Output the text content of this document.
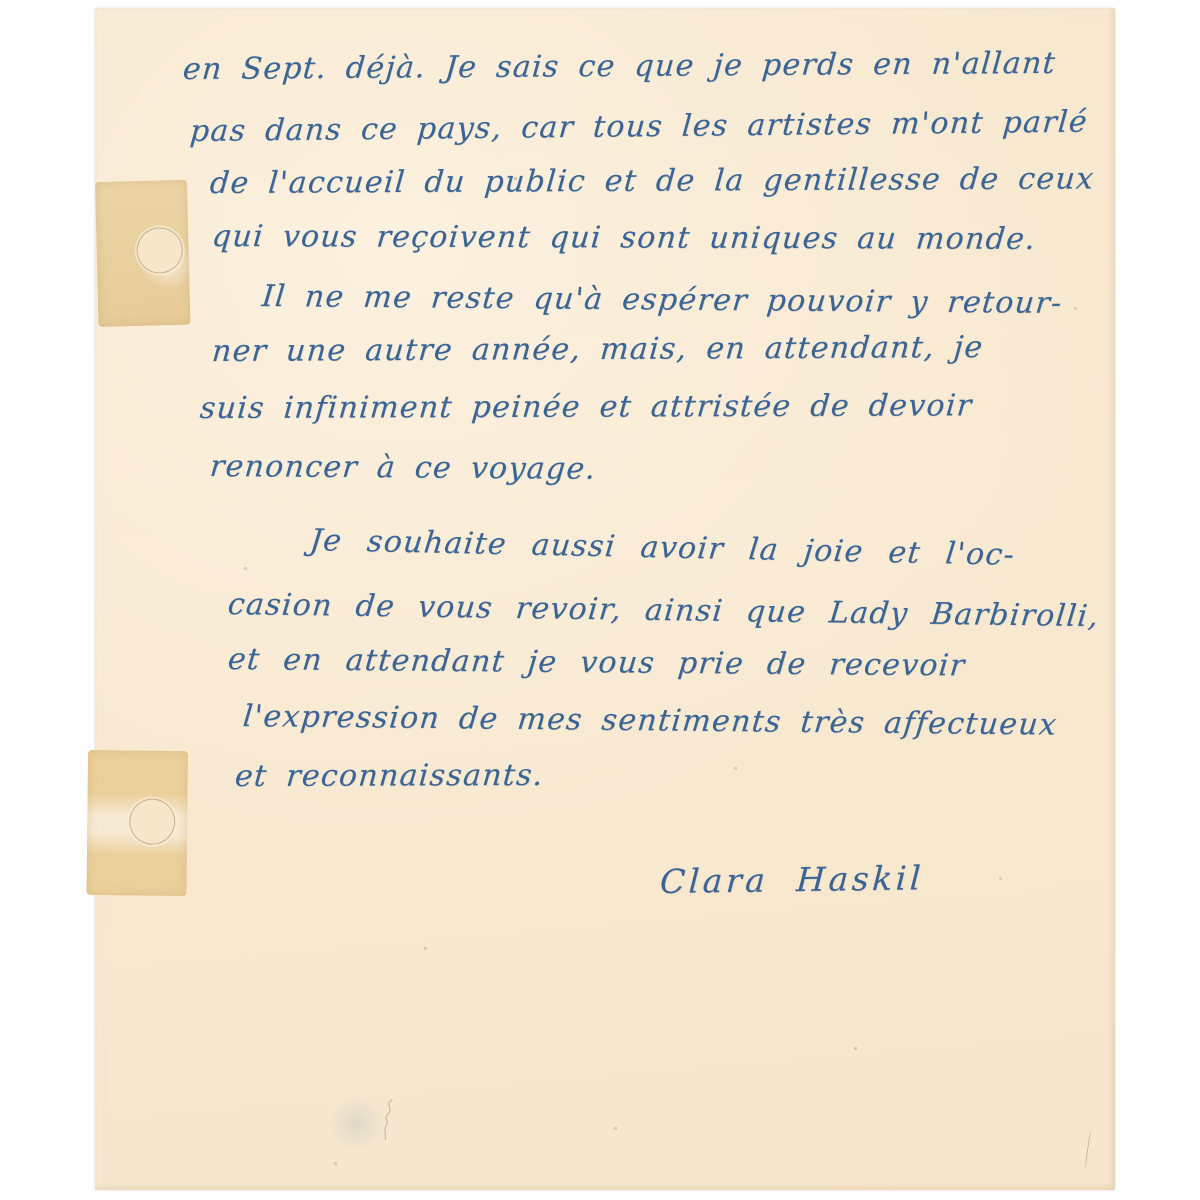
en Sept. déjà. Je sais ce que je perds en n'allant
pas dans ce pays, car tous les artistes m'ont parlé
de l'accueil du public et de la gentillesse de ceux
qui vous reçoivent qui sont uniques au monde.
Il ne me reste qu'à espérer pouvoir y retour-
ner une autre année, mais, en attendant, je
suis infiniment peinée et attristée de devoir
renoncer à ce voyage.
Je souhaite aussi avoir la joie et l'oc-
casion de vous revoir, ainsi que Lady Barbirolli,
et en attendant je vous prie de recevoir
l'expression de mes sentiments très affectueux
et reconnaissants.
Clara Haskil
